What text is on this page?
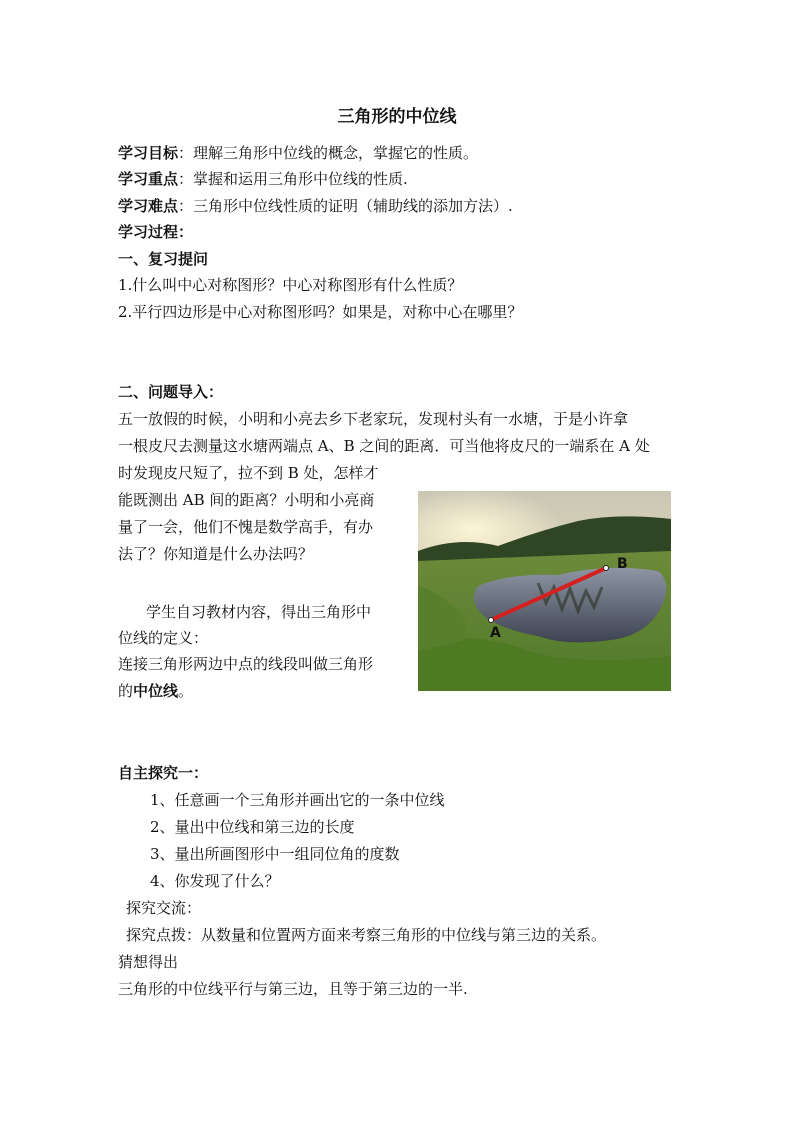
三角形的中位线
学习目标：理解三角形中位线的概念，掌握它的性质。
学习重点：掌握和运用三角形中位线的性质.
学习难点：三角形中位线性质的证明（辅助线的添加方法）.
学习过程：
一、复习提问
1.什么叫中心对称图形？中心对称图形有什么性质？
2.平行四边形是中心对称图形吗？如果是，对称中心在哪里？
二、问题导入：
五一放假的时候，小明和小亮去乡下老家玩，发现村头有一水塘，于是小许拿
一根皮尺去测量这水塘两端点 A、B 之间的距离．可当他将皮尺的一端系在 A 处
时发现皮尺短了，拉不到 B 处，怎样才
能既测出 AB 间的距离？小明和小亮商
量了一会，他们不愧是数学高手，有办
法了？你知道是什么办法吗？
学生自习教材内容，得出三角形中
位线的定义：
连接三角形两边中点的线段叫做三角形
的中位线。
A
B
自主探究一：
1、任意画一个三角形并画出它的一条中位线
2、量出中位线和第三边的长度
3、量出所画图形中一组同位角的度数
4、你发现了什么？
探究交流：
探究点拨：从数量和位置两方面来考察三角形的中位线与第三边的关系。
猜想得出
三角形的中位线平行与第三边，且等于第三边的一半.
